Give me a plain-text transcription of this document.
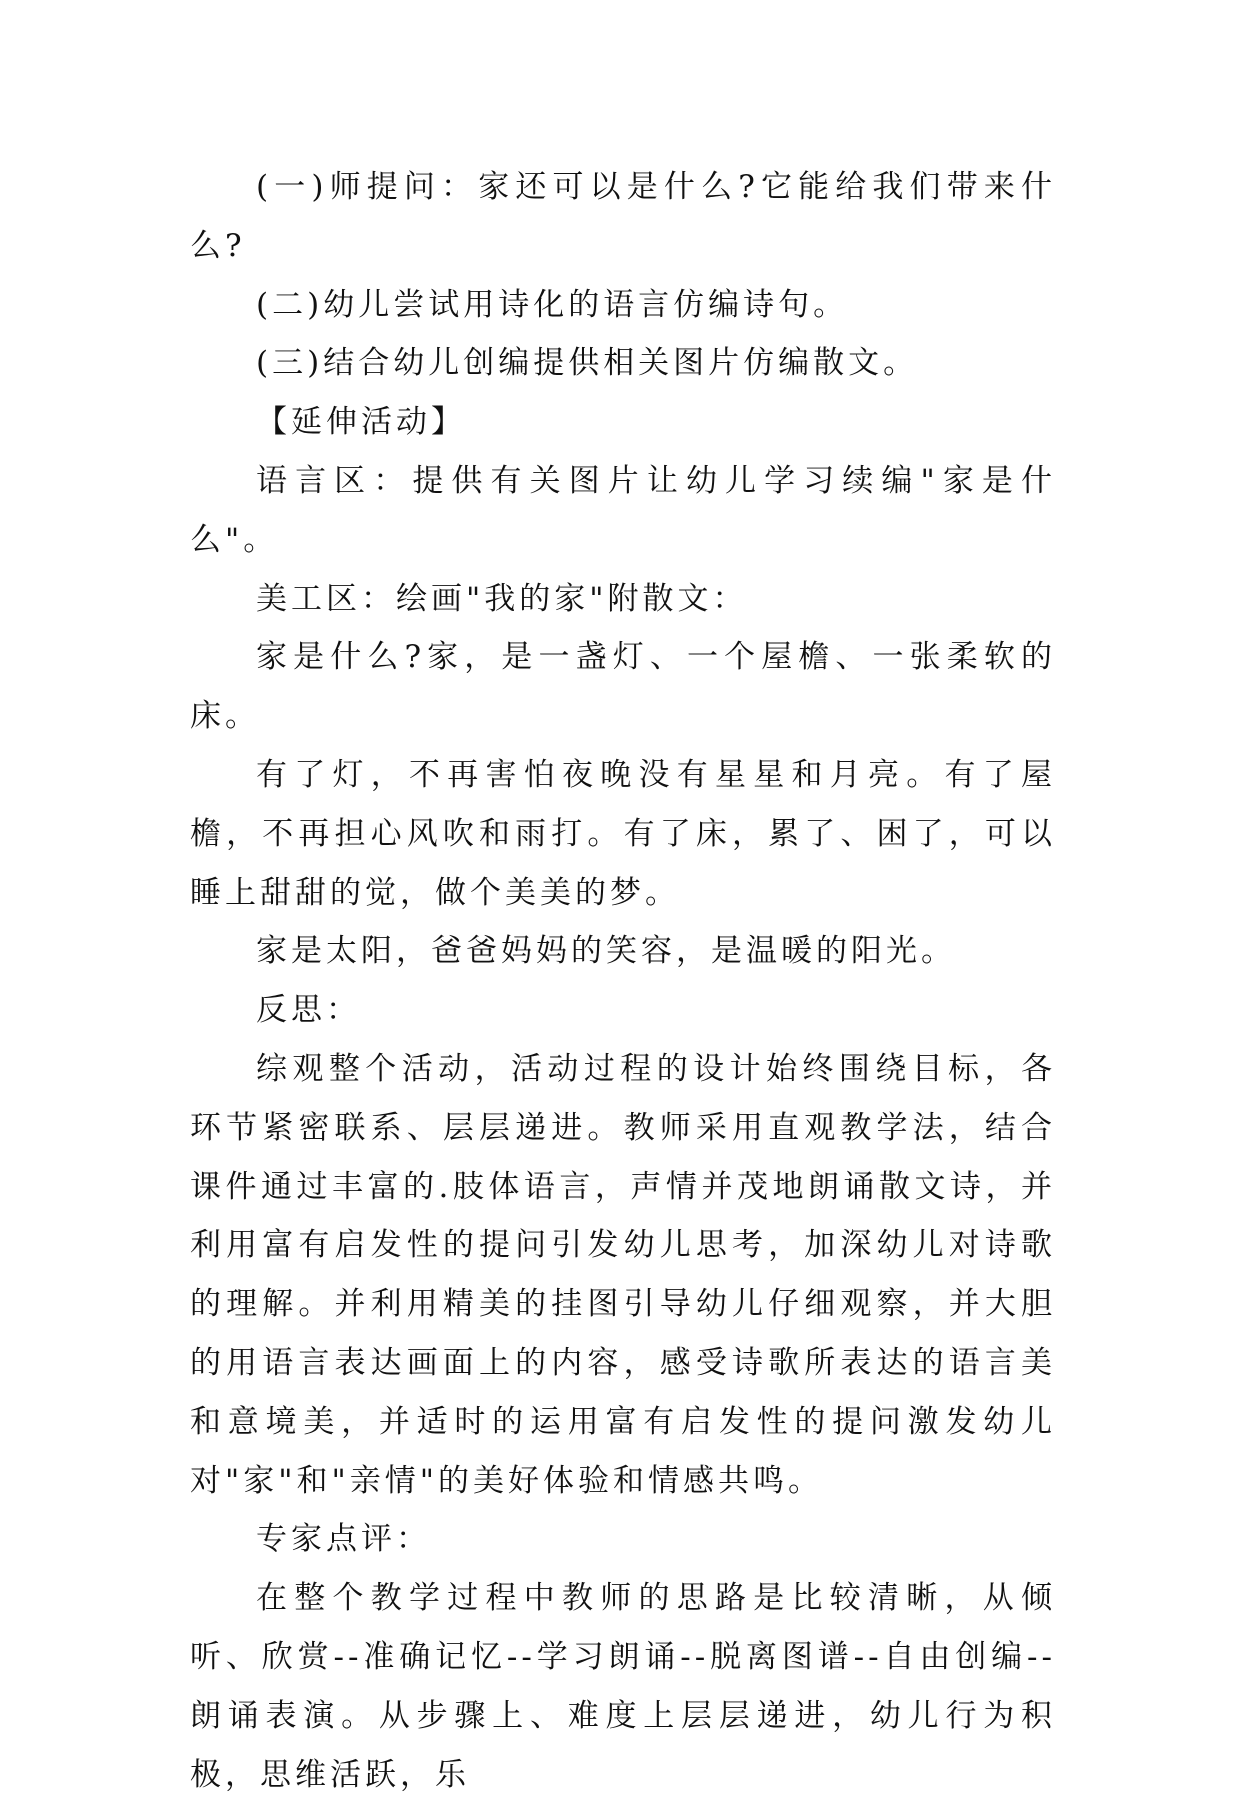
(一)师提问：家还可以是什么?它能给我们带来什么?

(二)幼儿尝试用诗化的语言仿编诗句。

(三)结合幼儿创编提供相关图片仿编散文。

【延伸活动】

语言区：提供有关图片让幼儿学习续编"家是什么"。

美工区：绘画"我的家"附散文：

家是什么?家，是一盏灯、一个屋檐、一张柔软的床。

有了灯，不再害怕夜晚没有星星和月亮。有了屋檐，不再担心风吹和雨打。有了床，累了、困了，可以睡上甜甜的觉，做个美美的梦。

家是太阳，爸爸妈妈的笑容，是温暖的阳光。

反思：

综观整个活动，活动过程的设计始终围绕目标，各环节紧密联系、层层递进。教师采用直观教学法，结合课件通过丰富的.肢体语言，声情并茂地朗诵散文诗，并利用富有启发性的提问引发幼儿思考，加深幼儿对诗歌的理解。并利用精美的挂图引导幼儿仔细观察，并大胆的用语言表达画面上的内容，感受诗歌所表达的语言美和意境美，并适时的运用富有启发性的提问激发幼儿对"家"和"亲情"的美好体验和情感共鸣。

专家点评：

在整个教学过程中教师的思路是比较清晰，从倾听、欣赏--准确记忆--学习朗诵--脱离图谱--自由创编--朗诵表演。从步骤上、难度上层层递进，幼儿行为积极，思维活跃，乐
